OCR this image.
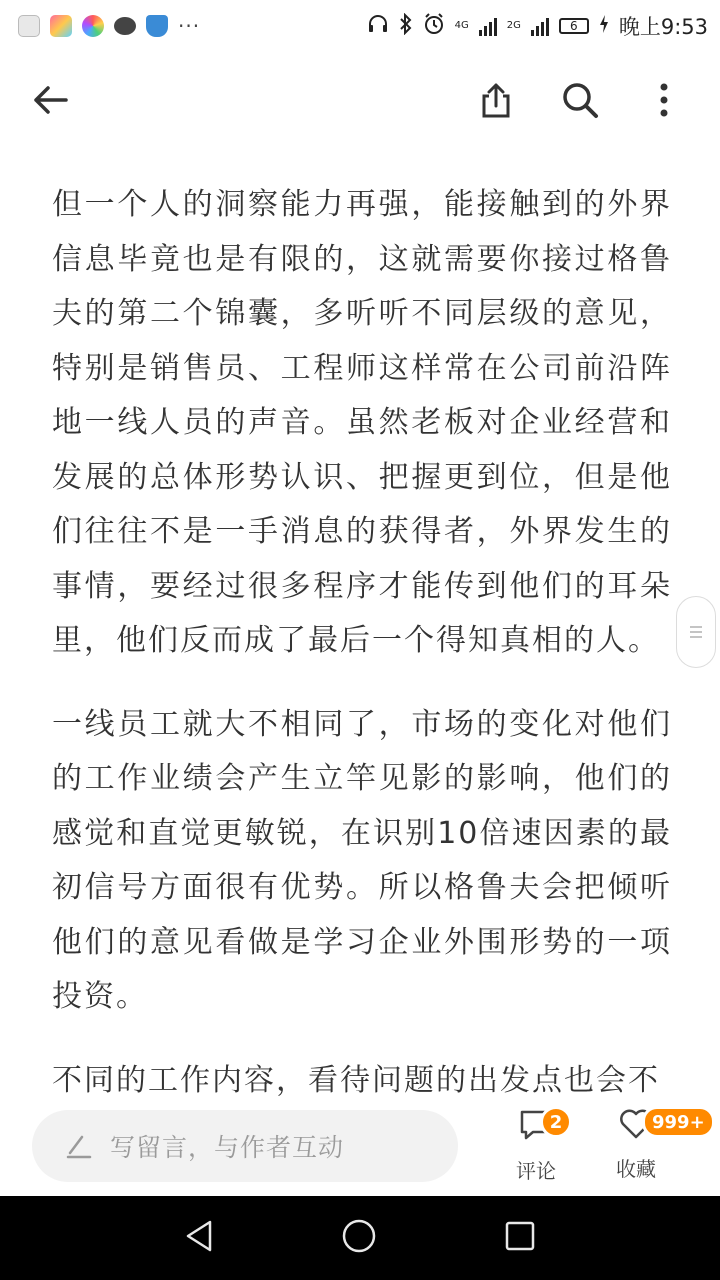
···	4G	2G	6	晚上9:53

但一个人的洞察能力再强，能接触到的外界信息毕竟也是有限的，这就需要你接过格鲁夫的第二个锦囊，多听听不同层级的意见，特别是销售员、工程师这样常在公司前沿阵地一线人员的声音。虽然老板对企业经营和发展的总体形势认识、把握更到位，但是他们往往不是一手消息的获得者，外界发生的事情，要经过很多程序才能传到他们的耳朵里，他们反而成了最后一个得知真相的人。

一线员工就大不相同了，市场的变化对他们的工作业绩会产生立竿见影的影响，他们的感觉和直觉更敏锐，在识别10倍速因素的最初信号方面很有优势。所以格鲁夫会把倾听他们的意见看做是学习企业外围形势的一项投资。

不同的工作内容，看待问题的出发点也会不

写留言，与作者互动
2
评论
999+
收藏
